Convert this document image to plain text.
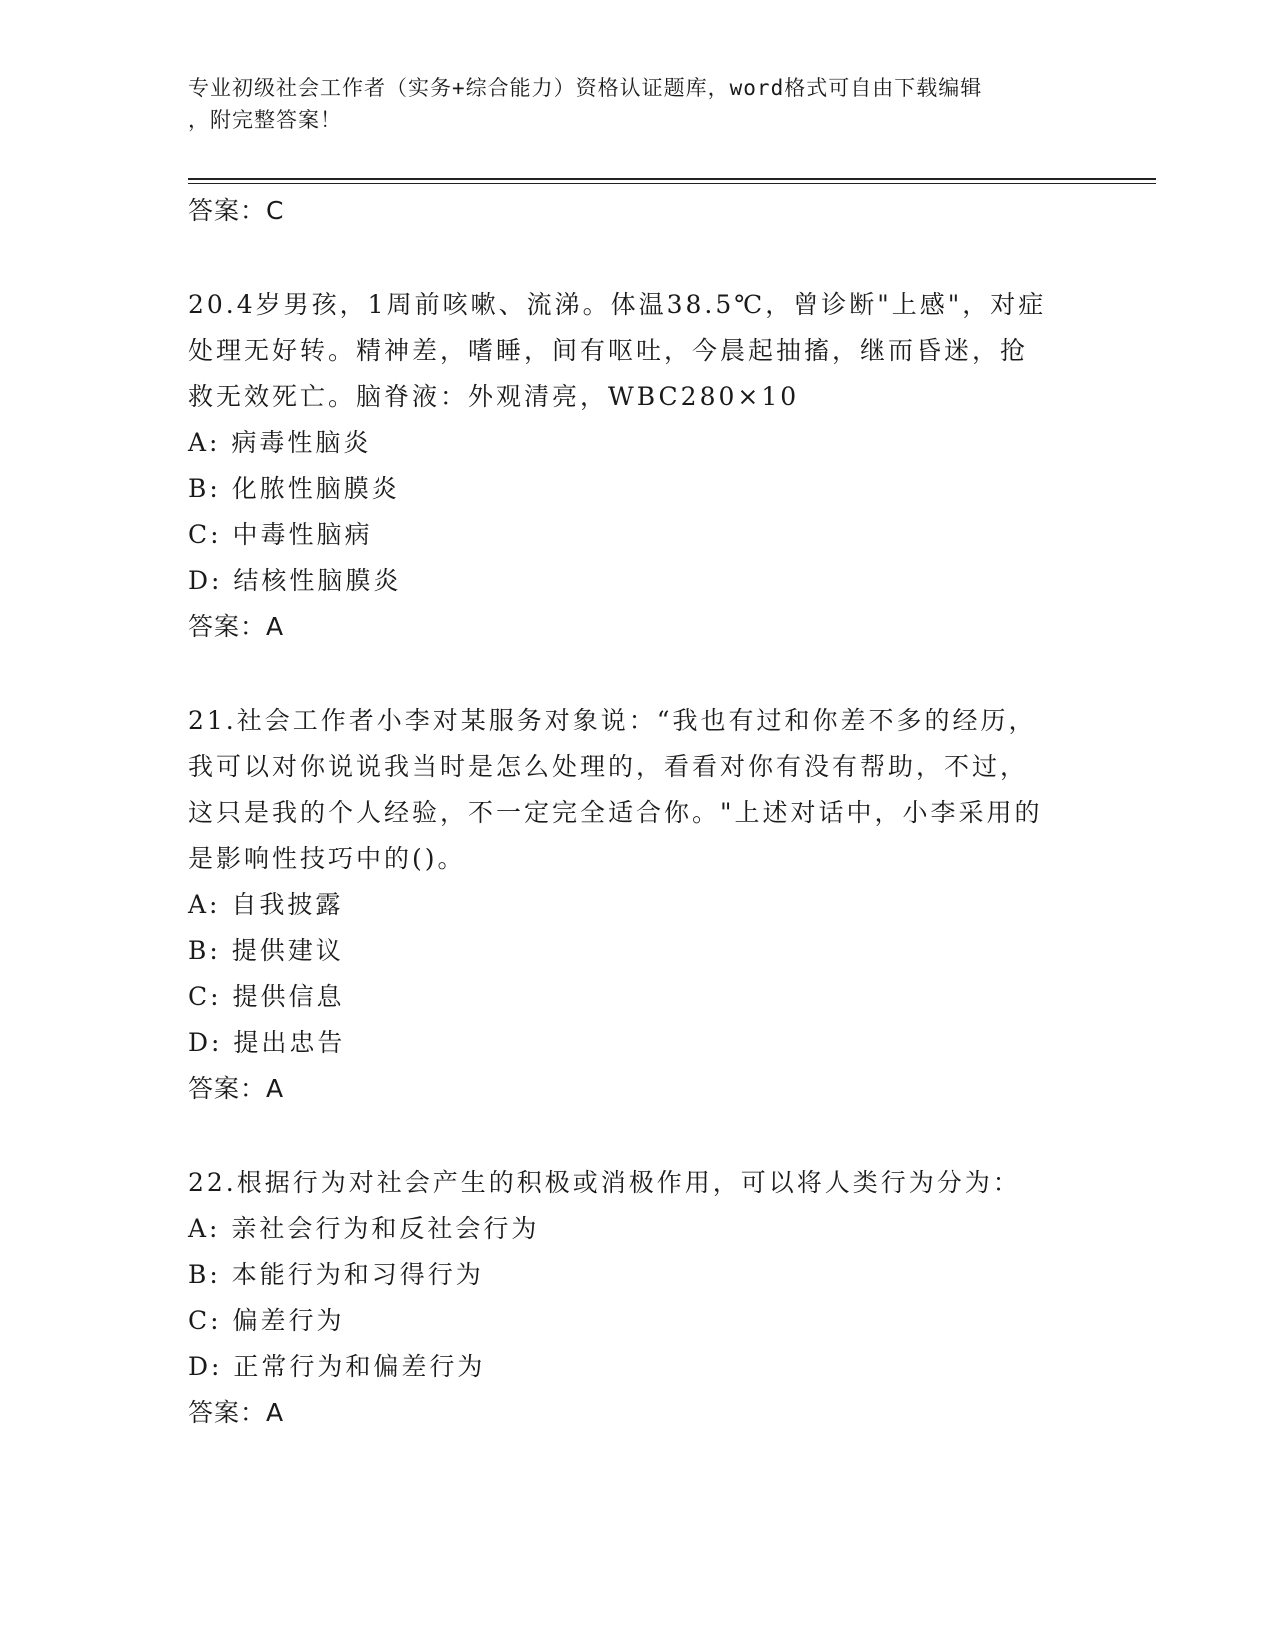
专业初级社会工作者（实务+综合能力）资格认证题库，word格式可自由下载编辑
，附完整答案！

答案：C

20.4岁男孩，1周前咳嗽、流涕。体温38.5℃，曾诊断"上感"，对症

处理无好转。精神差，嗜睡，间有呕吐，今晨起抽搐，继而昏迷，抢

救无效死亡。脑脊液：外观清亮，WBC280×10

A: 病毒性脑炎

B: 化脓性脑膜炎

C: 中毒性脑病

D: 结核性脑膜炎

答案：A

21.社会工作者小李对某服务对象说：“我也有过和你差不多的经历，

我可以对你说说我当时是怎么处理的，看看对你有没有帮助，不过，

这只是我的个人经验，不一定完全适合你。"上述对话中，小李采用的

是影响性技巧中的()。

A: 自我披露

B: 提供建议

C: 提供信息

D: 提出忠告

答案：A

22.根据行为对社会产生的积极或消极作用，可以将人类行为分为：

A: 亲社会行为和反社会行为

B: 本能行为和习得行为

C: 偏差行为

D: 正常行为和偏差行为

答案：A
